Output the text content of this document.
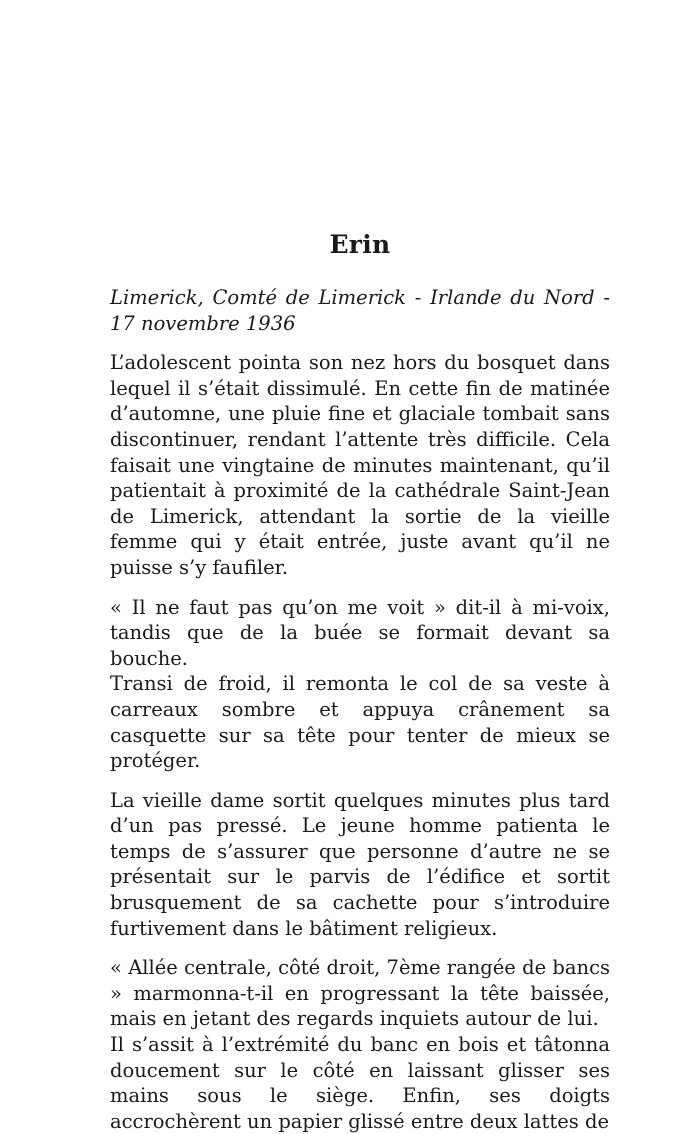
Erin

Limerick, Comté de Limerick - Irlande du Nord - 17 novembre 1936

L’adolescent pointa son nez hors du bosquet dans lequel il s’était dissimulé. En cette fin de matinée d’automne, une pluie fine et glaciale tombait sans discontinuer, rendant l’attente très difficile. Cela faisait une vingtaine de minutes maintenant, qu’il patientait à proximité de la cathédrale Saint-Jean de Limerick, attendant la sortie de la vieille femme qui y était entrée, juste avant qu’il ne puisse s’y faufiler.

« Il ne faut pas qu’on me voit » dit-il à mi-voix, tandis que de la buée se formait devant sa bouche.

Transi de froid, il remonta le col de sa veste à carreaux sombre et appuya crânement sa casquette sur sa tête pour tenter de mieux se protéger.

La vieille dame sortit quelques minutes plus tard d’un pas pressé. Le jeune homme patienta le temps de s’assurer que personne d’autre ne se présentait sur le parvis de l’édifice et sortit brusquement de sa cachette pour s’introduire furtivement dans le bâtiment religieux.

« Allée centrale, côté droit, 7ème rangée de bancs » marmonna-t-il en progressant la tête baissée, mais en jetant des regards inquiets autour de lui.

Il s’assit à l’extrémité du banc en bois et tâtonna doucement sur le côté en laissant glisser ses mains sous le siège. Enfin, ses doigts accrochèrent un papier glissé entre deux lattes de
